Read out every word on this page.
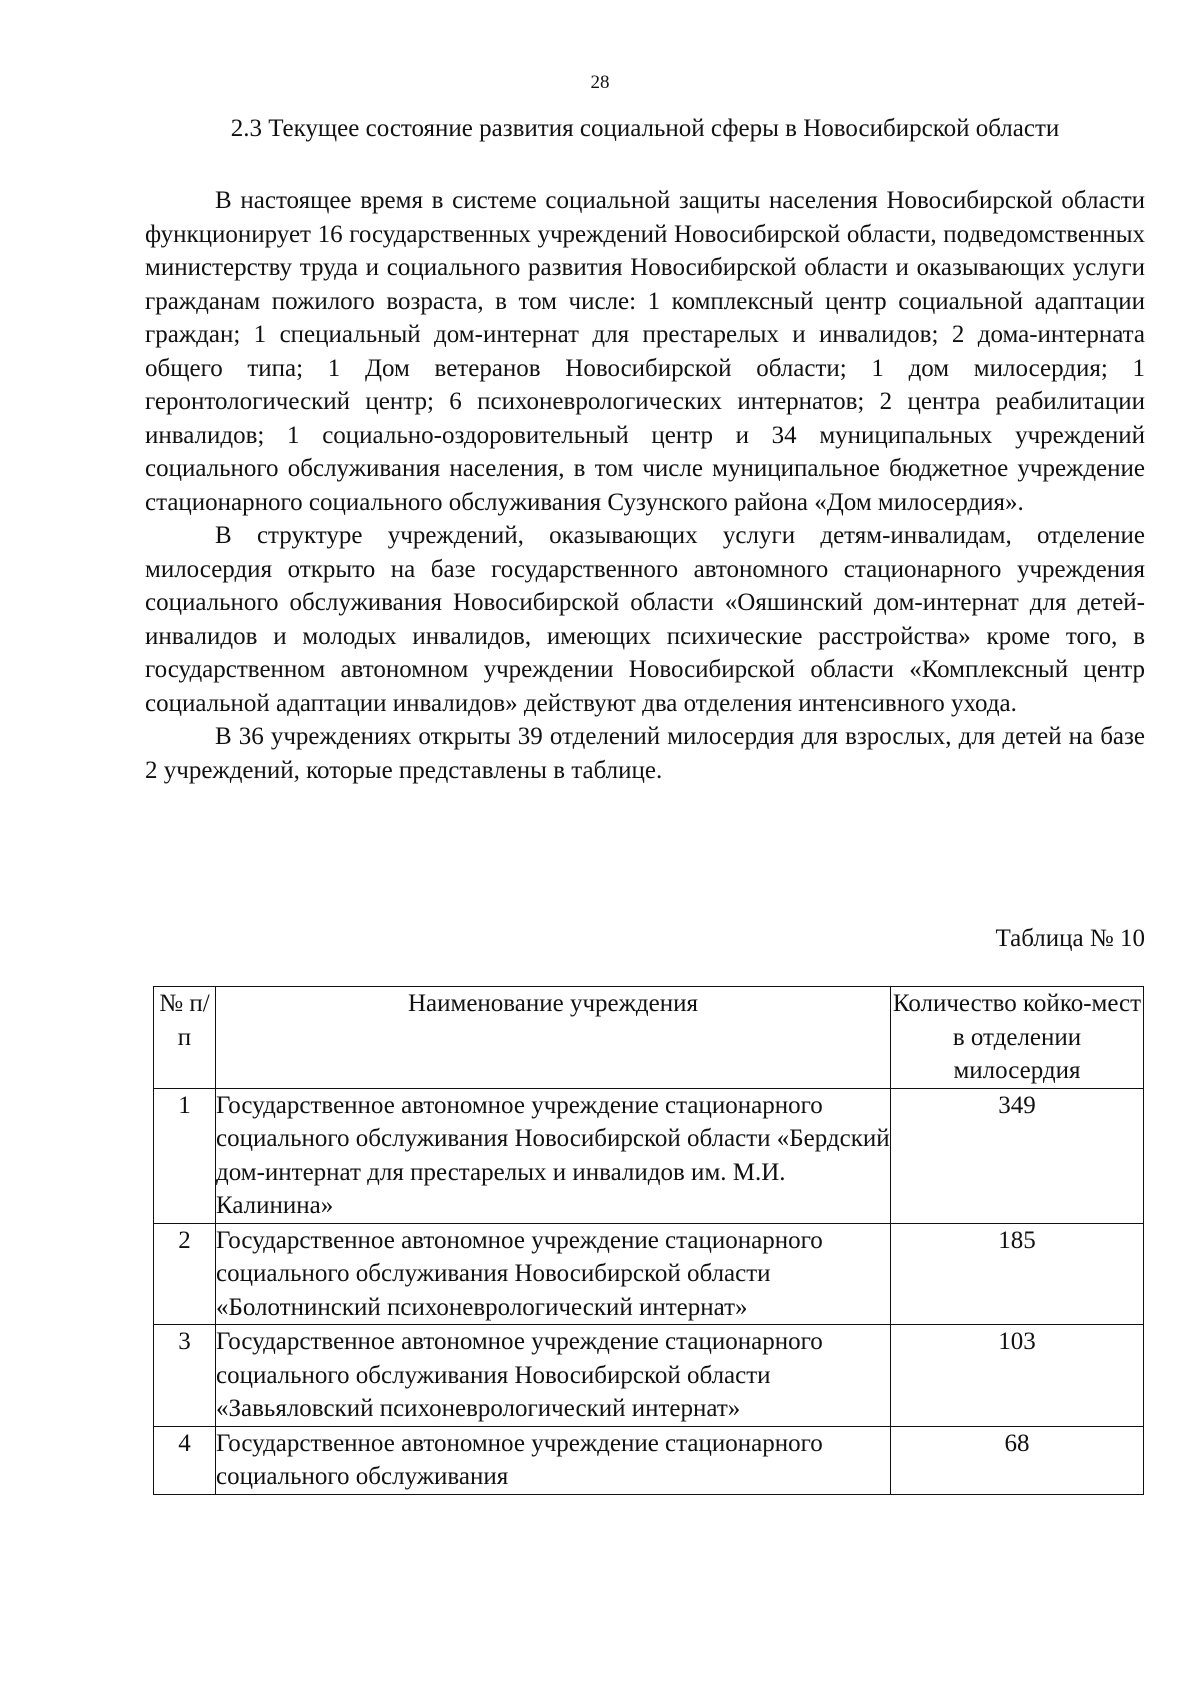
28
2.3 Текущее состояние развития социальной сферы в Новосибирской области

В настоящее время в системе социальной защиты населения Новосибирской области функционирует 16 государственных учреждений Новосибирской области, подведомственных министерству труда и социального развития Новосибирской области и оказывающих услуги гражданам пожилого возраста, в том числе: 1 комплексный центр социальной адаптации граждан; 1 специальный дом-интернат для престарелых и инвалидов; 2 дома-интерната общего типа; 1 Дом ветеранов Новосибирской области; 1 дом милосердия; 1 геронтологический центр; 6 психоневрологических интернатов; 2 центра реабилитации инвалидов; 1 социально-оздоровительный центр и 34 муниципальных учреждений социального обслуживания населения, в том числе муниципальное бюджетное учреждение стационарного социального обслуживания Сузунского района «Дом милосердия».

В структуре учреждений, оказывающих услуги детям-инвалидам, отделение милосердия открыто на базе государственного автономного стационарного учреждения социального обслуживания Новосибирской области «Ояшинский дом-интернат для детей-инвалидов и молодых инвалидов, имеющих психические расстройства» кроме того, в государственном автономном учреждении Новосибирской области «Комплексный центр социальной адаптации инвалидов» действуют два отделения интенсивного ухода.

В 36 учреждениях открыты 39 отделений милосердия для взрослых, для детей на базе 2 учреждений, которые представлены в таблице.

Таблица № 10
№ п/п	Наименование учреждения	Количество койко-мест в отделении милосердия
1	Государственное автономное учреждение стационарного социального обслуживания Новосибирской области «Бердский дом-интернат для престарелых и инвалидов им. М.И. Калинина»	349
2	Государственное автономное учреждение стационарного социального обслуживания Новосибирской области «Болотнинский психоневрологический интернат»	185
3	Государственное автономное учреждение стационарного социального обслуживания Новосибирской области «Завьяловский психоневрологический интернат»	103
4	Государственное автономное учреждение стационарного социального обслуживания	68
